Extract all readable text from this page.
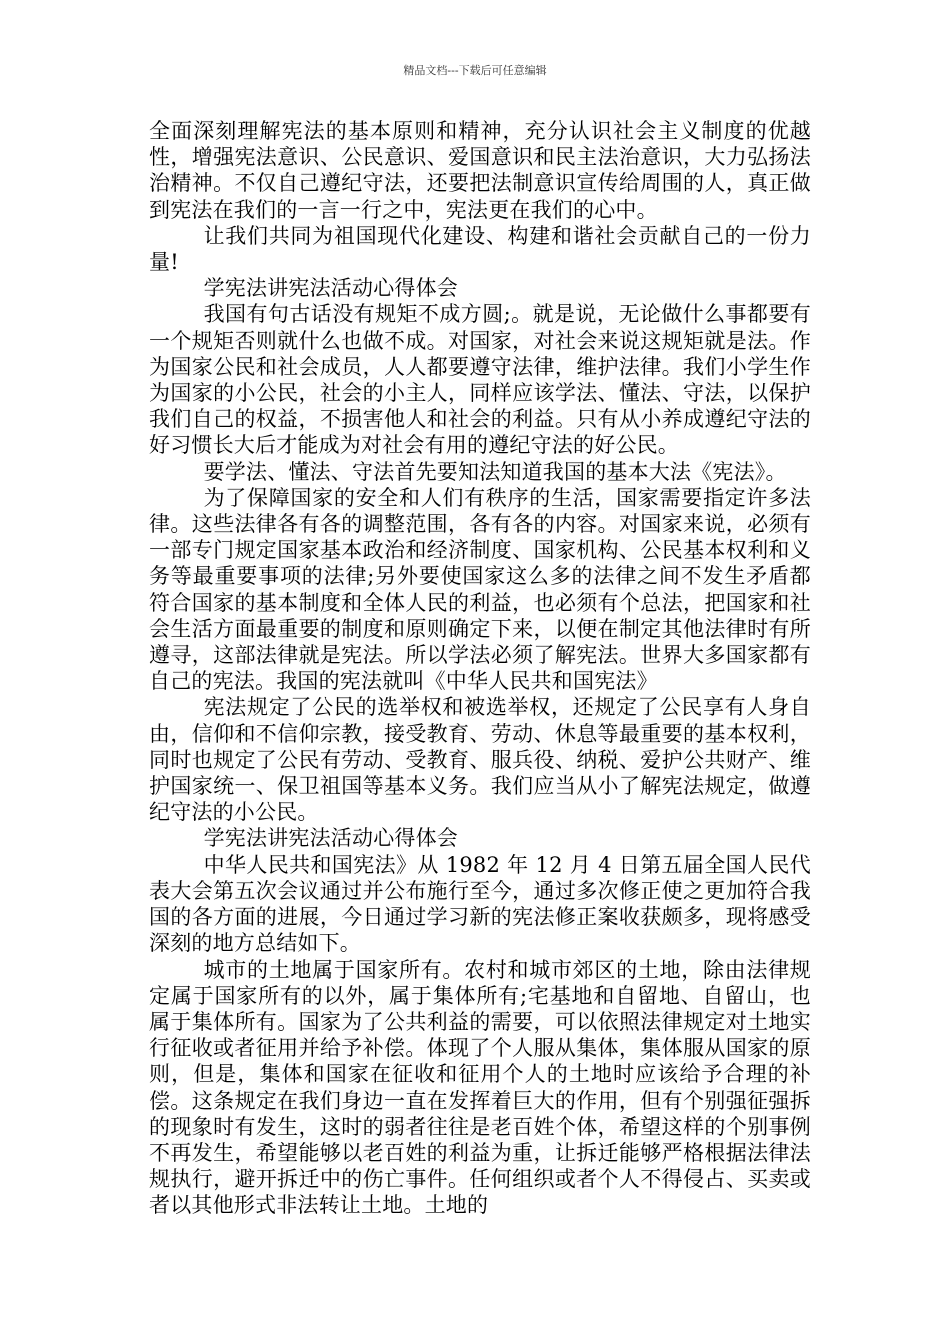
精品文档---下载后可任意编辑

全面深刻理解宪法的基本原则和精神，充分认识社会主义制度的优越性，增强宪法意识、公民意识、爱国意识和民主法治意识，大力弘扬法治精神。不仅自己遵纪守法，还要把法制意识宣传给周围的人，真正做到宪法在我们的一言一行之中，宪法更在我们的心中。

让我们共同为祖国现代化建设、构建和谐社会贡献自己的一份力量!

学宪法讲宪法活动心得体会

我国有句古话没有规矩不成方圆;。就是说，无论做什么事都要有一个规矩否则就什么也做不成。对国家，对社会来说这规矩就是法。作为国家公民和社会成员，人人都要遵守法律，维护法律。我们小学生作为国家的小公民，社会的小主人，同样应该学法、懂法、守法，以保护我们自己的权益，不损害他人和社会的利益。只有从小养成遵纪守法的好习惯长大后才能成为对社会有用的遵纪守法的好公民。

要学法、懂法、守法首先要知法知道我国的基本大法《宪法》。

为了保障国家的安全和人们有秩序的生活，国家需要指定许多法律。这些法律各有各的调整范围，各有各的内容。对国家来说，必须有一部专门规定国家基本政治和经济制度、国家机构、公民基本权利和义务等最重要事项的法律;另外要使国家这么多的法律之间不发生矛盾都符合国家的基本制度和全体人民的利益，也必须有个总法，把国家和社会生活方面最重要的制度和原则确定下来，以便在制定其他法律时有所遵寻，这部法律就是宪法。所以学法必须了解宪法。世界大多国家都有自己的宪法。我国的宪法就叫《中华人民共和国宪法》

宪法规定了公民的选举权和被选举权，还规定了公民享有人身自由，信仰和不信仰宗教，接受教育、劳动、休息等最重要的基本权利，同时也规定了公民有劳动、受教育、服兵役、纳税、爱护公共财产、维护国家统一、保卫祖国等基本义务。我们应当从小了解宪法规定，做遵纪守法的小公民。

学宪法讲宪法活动心得体会

中华人民共和国宪法》从 1982 年 12 月 4 日第五届全国人民代表大会第五次会议通过并公布施行至今，通过多次修正使之更加符合我国的各方面的进展，今日通过学习新的宪法修正案收获颇多，现将感受深刻的地方总结如下。

城市的土地属于国家所有。农村和城市郊区的土地，除由法律规定属于国家所有的以外，属于集体所有;宅基地和自留地、自留山，也属于集体所有。国家为了公共利益的需要，可以依照法律规定对土地实行征收或者征用并给予补偿。体现了个人服从集体，集体服从国家的原则，但是，集体和国家在征收和征用个人的土地时应该给予合理的补偿。这条规定在我们身边一直在发挥着巨大的作用，但有个别强征强拆的现象时有发生，这时的弱者往往是老百姓个体，希望这样的个别事例不再发生，希望能够以老百姓的利益为重，让拆迁能够严格根据法律法规执行，避开拆迁中的伤亡事件。任何组织或者个人不得侵占、买卖或者以其他形式非法转让土地。土地的
